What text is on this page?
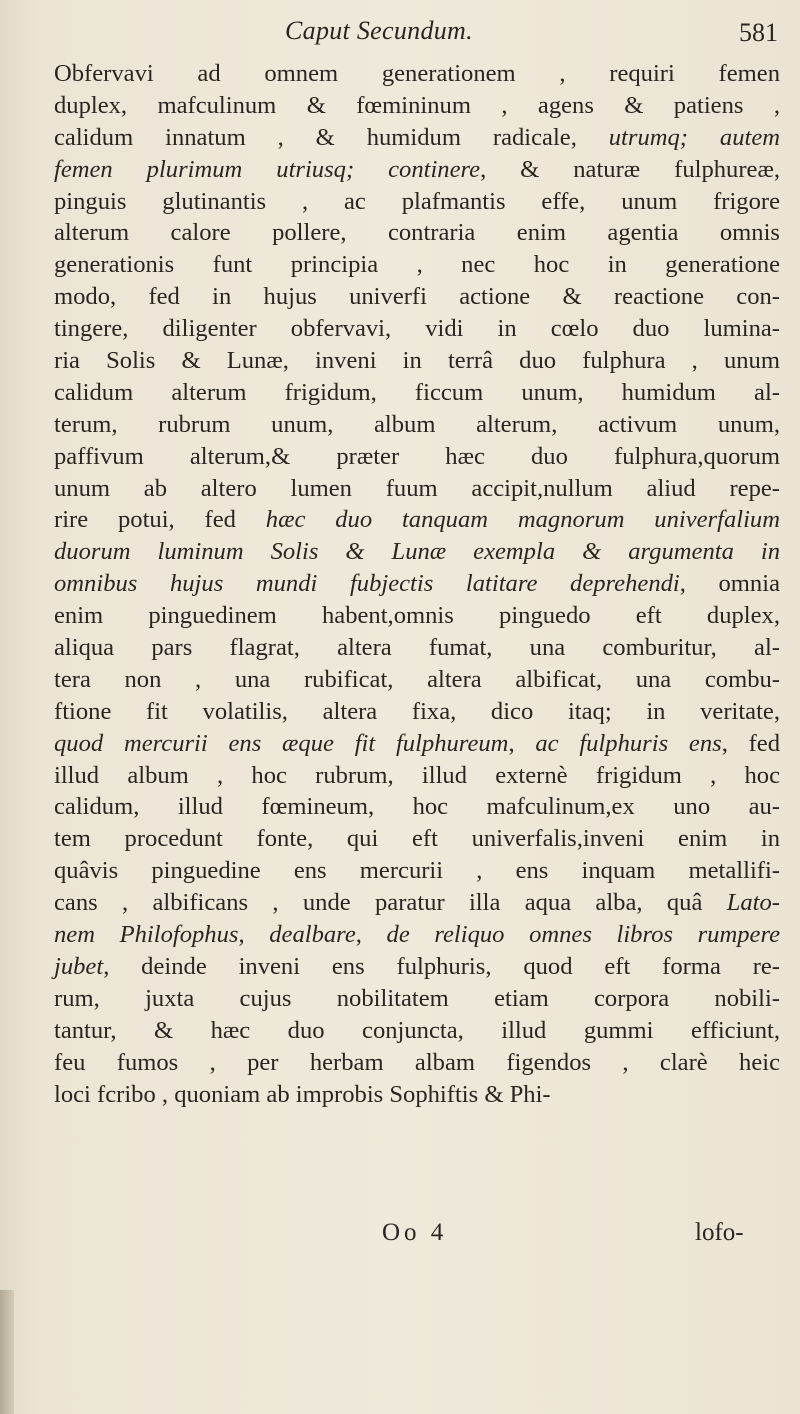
Caput Secundum.	581
Obfervavi ad omnem generationem , requiri femen
duplex, mafculinum & fœmininum , agens & patiens ,
calidum innatum , & humidum radicale, utrumq; autem
femen plurimum utriusq; continere, & naturæ fulphureæ,
pinguis glutinantis , ac plafmantis effe, unum frigore
alterum calore pollere, contraria enim agentia omnis
generationis funt principia , nec hoc in generatione
modo, fed in hujus univerfi actione & reactione con-
tingere, diligenter obfervavi, vidi in cœlo duo lumina-
ria Solis & Lunæ, inveni in terrâ duo fulphura , unum
calidum alterum frigidum, ficcum unum, humidum al-
terum, rubrum unum, album alterum, activum unum,
paffivum alterum,& præter hæc duo fulphura,quorum
unum ab altero lumen fuum accipit,nullum aliud repe-
rire potui, fed hæc duo tanquam magnorum univerfalium
duorum luminum Solis & Lunæ exempla & argumenta in
omnibus hujus mundi fubjectis latitare deprehendi, omnia
enim pinguedinem habent,omnis pinguedo eft duplex,
aliqua pars flagrat, altera fumat, una comburitur, al-
tera non , una rubificat, altera albificat, una combu-
ftione fit volatilis, altera fixa, dico itaq; in veritate,
quod mercurii ens æque fit fulphureum, ac fulphuris ens, fed
illud album , hoc rubrum, illud externè frigidum , hoc
calidum, illud fœmineum, hoc mafculinum,ex uno au-
tem procedunt fonte, qui eft univerfalis,inveni enim in
quâvis pinguedine ens mercurii , ens inquam metallifi-
cans , albificans , unde paratur illa aqua alba, quâ Lato-
nem Philofophus, dealbare, de reliquo omnes libros rumpere
jubet, deinde inveni ens fulphuris, quod eft forma re-
rum, juxta cujus nobilitatem etiam corpora nobili-
tantur, & hæc duo conjuncta, illud gummi efficiunt,
feu fumos , per herbam albam figendos , clarè heic
loci fcribo , quoniam ab improbis Sophiftis & Phi-
Oo 4	lofo-
